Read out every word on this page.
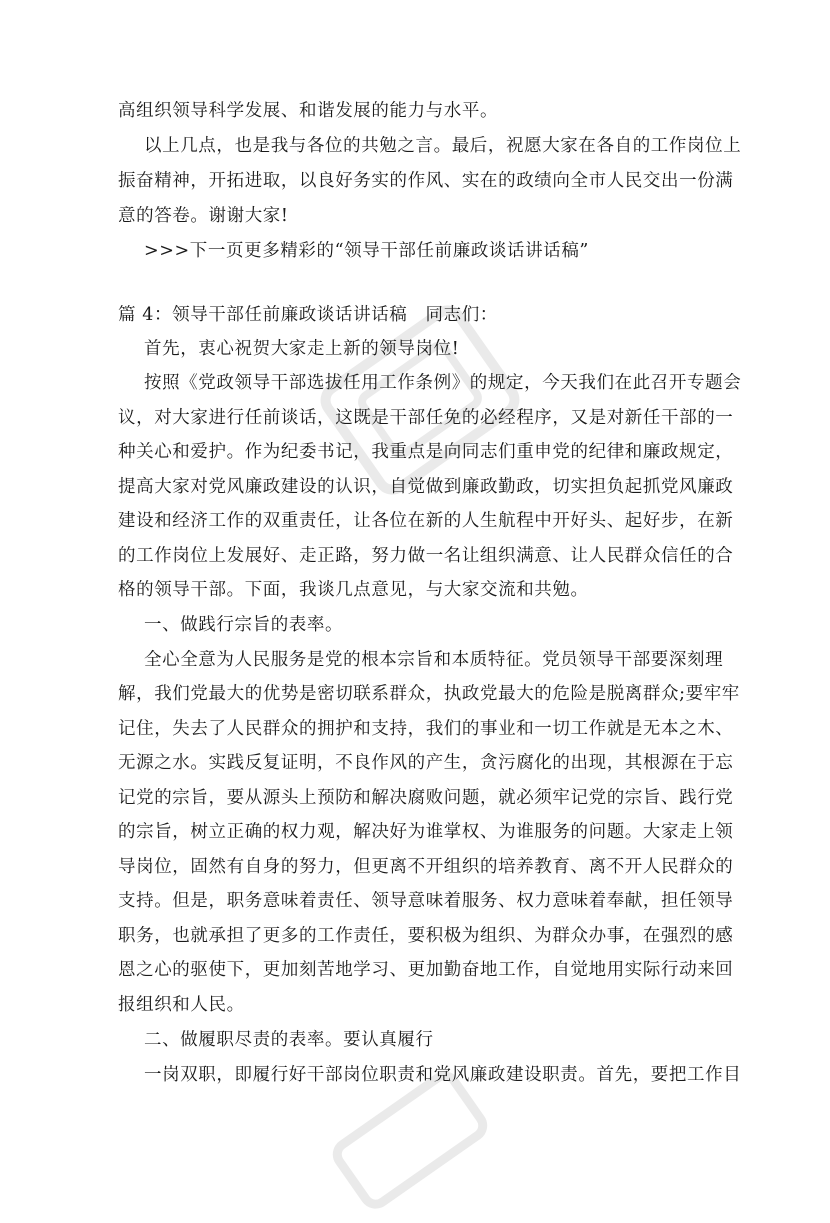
高组织领导科学发展、和谐发展的能力与水平。
以上几点，也是我与各位的共勉之言。最后，祝愿大家在各自的工作岗位上
振奋精神，开拓进取，以良好务实的作风、实在的政绩向全市人民交出一份满
意的答卷。谢谢大家!
>>>下一页更多精彩的“领导干部任前廉政谈话讲话稿”
篇 4：领导干部任前廉政谈话讲话稿　同志们：
首先，衷心祝贺大家走上新的领导岗位!
按照《党政领导干部选拔任用工作条例》的规定，今天我们在此召开专题会
议，对大家进行任前谈话，这既是干部任免的必经程序，又是对新任干部的一
种关心和爱护。作为纪委书记，我重点是向同志们重申党的纪律和廉政规定，
提高大家对党风廉政建设的认识，自觉做到廉政勤政，切实担负起抓党风廉政
建设和经济工作的双重责任，让各位在新的人生航程中开好头、起好步，在新
的工作岗位上发展好、走正路，努力做一名让组织满意、让人民群众信任的合
格的领导干部。下面，我谈几点意见，与大家交流和共勉。
一、做践行宗旨的表率。
全心全意为人民服务是党的根本宗旨和本质特征。党员领导干部要深刻理
解，我们党最大的优势是密切联系群众，执政党最大的危险是脱离群众;要牢牢
记住，失去了人民群众的拥护和支持，我们的事业和一切工作就是无本之木、
无源之水。实践反复证明，不良作风的产生，贪污腐化的出现，其根源在于忘
记党的宗旨，要从源头上预防和解决腐败问题，就必须牢记党的宗旨、践行党
的宗旨，树立正确的权力观，解决好为谁掌权、为谁服务的问题。大家走上领
导岗位，固然有自身的努力，但更离不开组织的培养教育、离不开人民群众的
支持。但是，职务意味着责任、领导意味着服务、权力意味着奉献，担任领导
职务，也就承担了更多的工作责任，要积极为组织、为群众办事，在强烈的感
恩之心的驱使下，更加刻苦地学习、更加勤奋地工作，自觉地用实际行动来回
报组织和人民。
二、做履职尽责的表率。要认真履行
一岗双职，即履行好干部岗位职责和党风廉政建设职责。首先，要把工作目
